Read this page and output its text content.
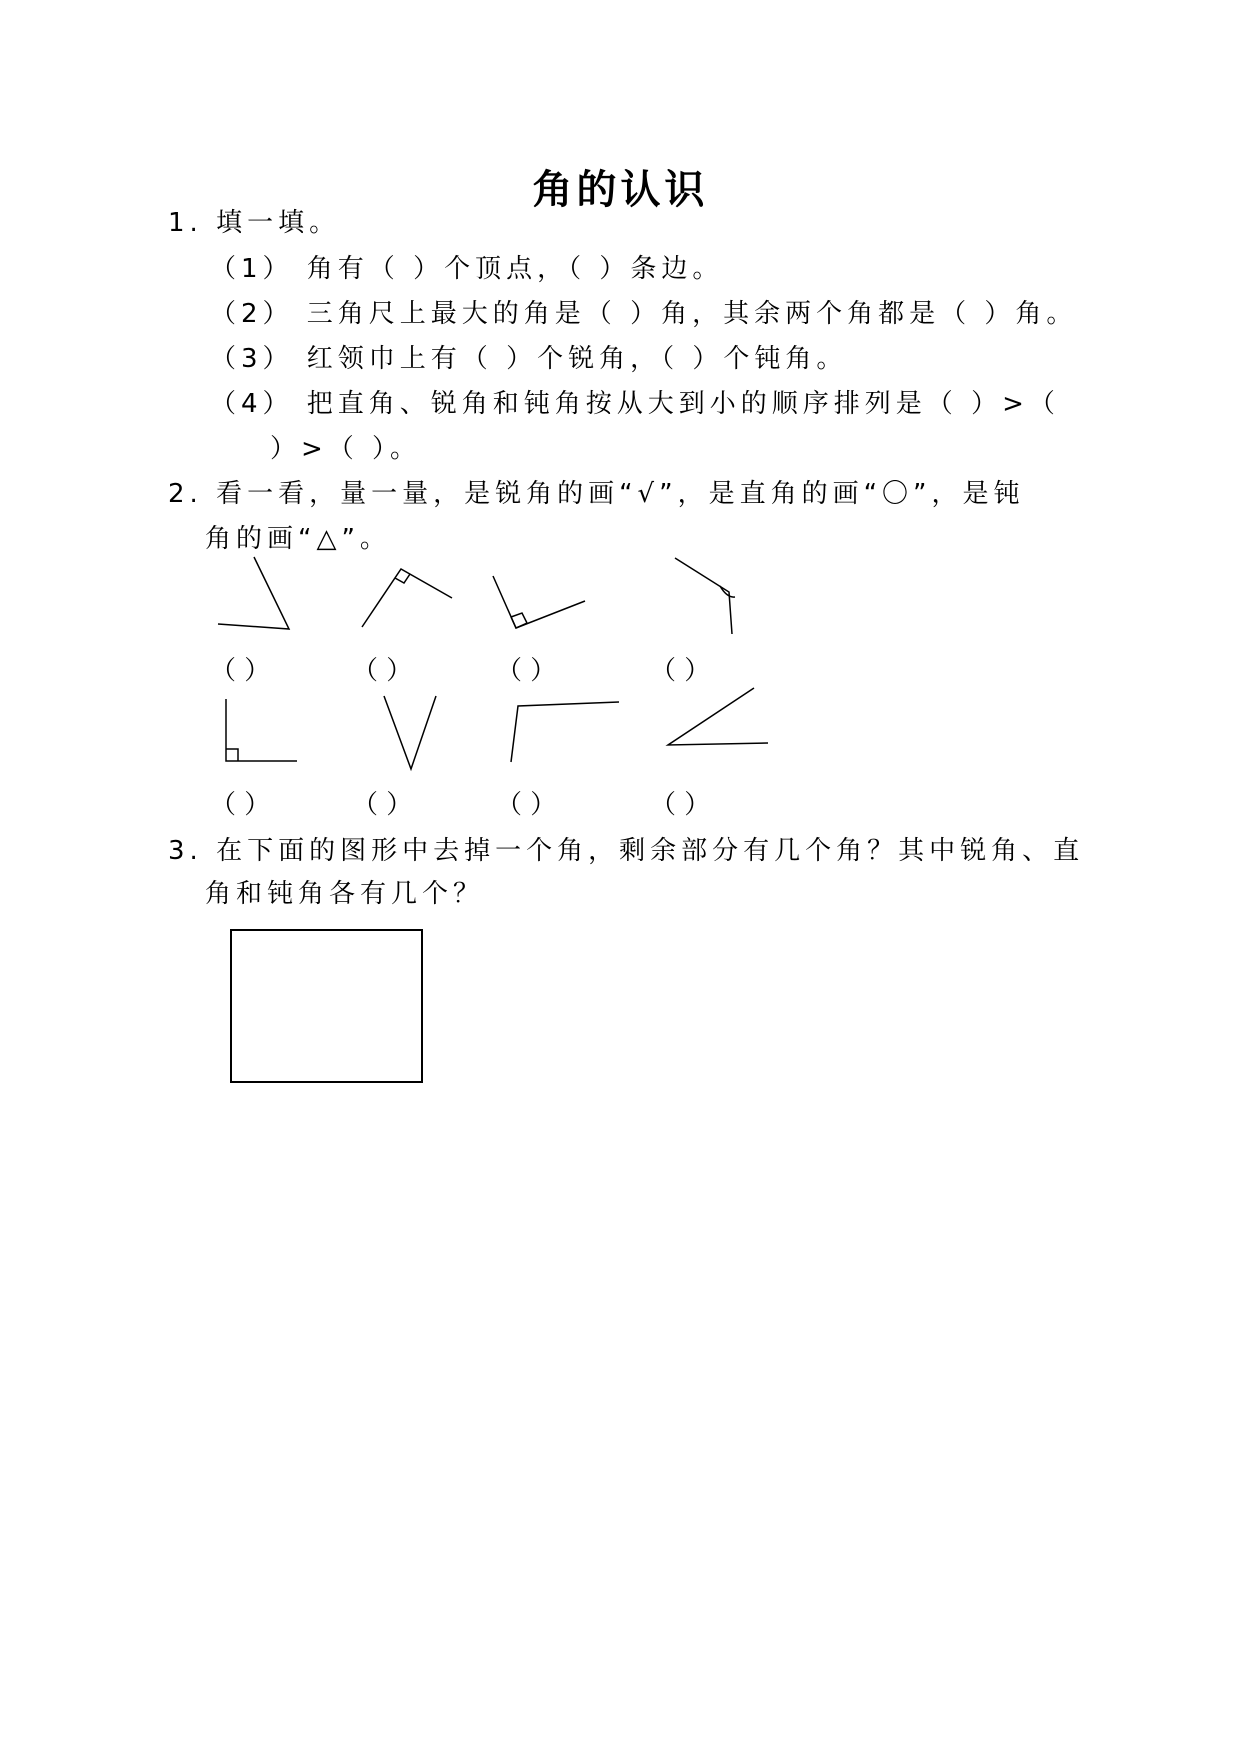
角的认识
1. 填一填。
（1） 角有（ ）个顶点，（ ）条边。
（2） 三角尺上最大的角是（ ）角，其余两个角都是（ ）角。
（3） 红领巾上有（ ）个锐角，（ ）个钝角。
（4） 把直角、锐角和钝角按从大到小的顺序排列是（ ）>（
）>（ ）。
2. 看一看，量一量，是锐角的画“√”，是直角的画“〇”，是钝
角的画“△”。
（ ）	（ ）	（ ）	（ ）
（ ）	（ ）	（ ）	（ ）
3. 在下面的图形中去掉一个角，剩余部分有几个角？其中锐角、直
角和钝角各有几个？
